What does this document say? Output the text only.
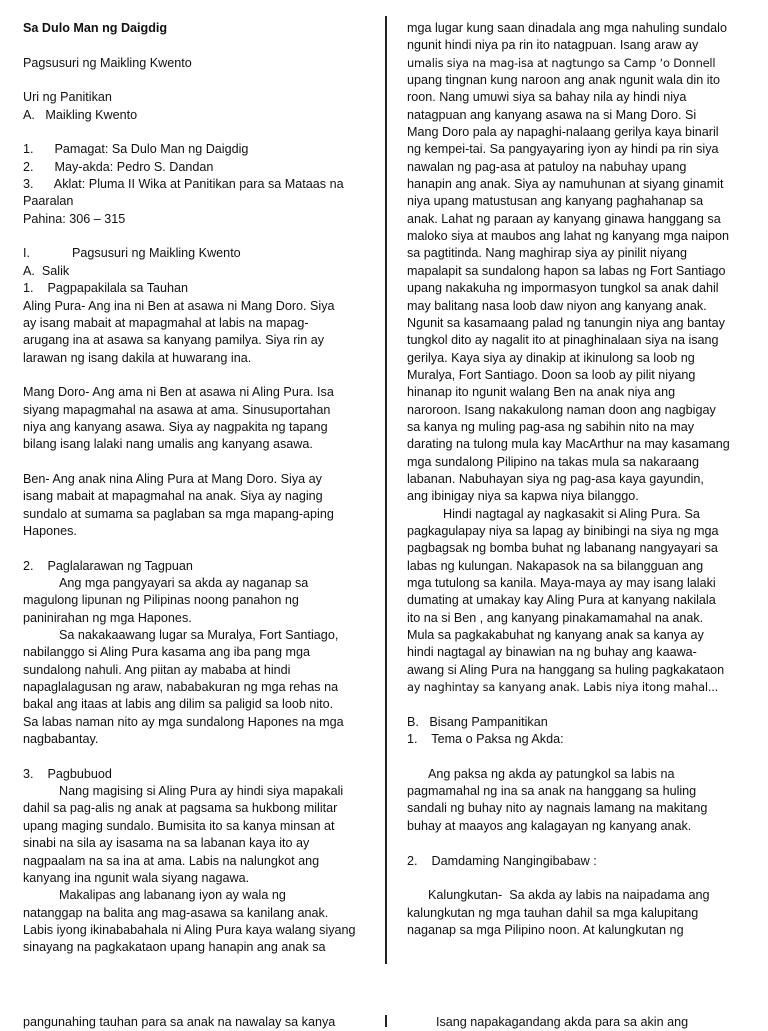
Sa Dulo Man ng Daigdig

Pagsusuri ng Maikling Kwento

Uri ng Panitikan

A.   Maikling Kwento

1.      Pamagat: Sa Dulo Man ng Daigdig

2.      May-akda: Pedro S. Dandan

3.      Aklat: Pluma II Wika at Panitikan para sa Mataas na

Paaralan

Pahina: 306 – 315

I.            Pagsusuri ng Maikling Kwento

A.  Salik

1.    Pagpapakilala sa Tauhan

Aling Pura- Ang ina ni Ben at asawa ni Mang Doro. Siya

ay isang mabait at mapagmahal at labis na mapag-

arugang ina at asawa sa kanyang pamilya. Siya rin ay

larawan ng isang dakila at huwarang ina.

Mang Doro- Ang ama ni Ben at asawa ni Aling Pura. Isa

siyang mapagmahal na asawa at ama. Sinusuportahan

niya ang kanyang asawa. Siya ay nagpakita ng tapang

bilang isang lalaki nang umalis ang kanyang asawa.

Ben- Ang anak nina Aling Pura at Mang Doro. Siya ay

isang mabait at mapagmahal na anak. Siya ay naging

sundalo at sumama sa paglaban sa mga mapang-aping

Hapones.

2.    Paglalarawan ng Tagpuan

Ang mga pangyayari sa akda ay naganap sa

magulong lipunan ng Pilipinas noong panahon ng

paninirahan ng mga Hapones.

Sa nakakaawang lugar sa Muralya, Fort Santiago,

nabilanggo si Aling Pura kasama ang iba pang mga

sundalong nahuli. Ang piitan ay mababa at hindi

napaglalagusan ng araw, nababakuran ng mga rehas na

bakal ang itaas at labis ang dilim sa paligid sa loob nito.

Sa labas naman nito ay mga sundalong Hapones na mga

nagbabantay.

3.    Pagbubuod

Nang magising si Aling Pura ay hindi siya mapakali

dahil sa pag-alis ng anak at pagsama sa hukbong militar

upang maging sundalo. Bumisita ito sa kanya minsan at

sinabi na sila ay isasama na sa labanan kaya ito ay

nagpaalam na sa ina at ama. Labis na nalungkot ang

kanyang ina ngunit wala siyang nagawa.

Makalipas ang labanang iyon ay wala ng

natanggap na balita ang mag-asawa sa kanilang anak.

Labis iyong ikinababahala ni Aling Pura kaya walang siyang

sinayang na pagkakataon upang hanapin ang anak sa

mga lugar kung saan dinadala ang mga nahuling sundalo

ngunit hindi niya pa rin ito natagpuan. Isang araw ay

umalis siya na mag-isa at nagtungo sa Camp ‘o Donnell

upang tingnan kung naroon ang anak ngunit wala din ito

roon. Nang umuwi siya sa bahay nila ay hindi niya

natagpuan ang kanyang asawa na si Mang Doro. Si

Mang Doro pala ay napaghi-nalaang gerilya kaya binaril

ng kempei-tai. Sa pangyayaring iyon ay hindi pa rin siya

nawalan ng pag-asa at patuloy na nabuhay upang

hanapin ang anak. Siya ay namuhunan at siyang ginamit

niya upang matustusan ang kanyang paghahanap sa

anak. Lahat ng paraan ay kanyang ginawa hanggang sa

maloko siya at maubos ang lahat ng kanyang mga naipon

sa pagtitinda. Nang maghirap siya ay pinilit niyang

mapalapit sa sundalong hapon sa labas ng Fort Santiago

upang nakakuha ng impormasyon tungkol sa anak dahil

may balitang nasa loob daw niyon ang kanyang anak.

Ngunit sa kasamaang palad ng tanungin niya ang bantay

tungkol dito ay nagalit ito at pinaghinalaan siya na isang

gerilya. Kaya siya ay dinakip at ikinulong sa loob ng

Muralya, Fort Santiago. Doon sa loob ay pilit niyang

hinanap ito ngunit walang Ben na anak niya ang

naroroon. Isang nakakulong naman doon ang nagbigay

sa kanya ng muling pag-asa ng sabihin nito na may

darating na tulong mula kay MacArthur na may kasamang

mga sundalong Pilipino na takas mula sa nakaraang

labanan. Nabuhayan siya ng pag-asa kaya gayundin,

ang ibinigay niya sa kapwa niya bilanggo.

Hindi nagtagal ay nagkasakit si Aling Pura. Sa

pagkagulapay niya sa lapag ay binibingi na siya ng mga

pagbagsak ng bomba buhat ng labanang nangyayari sa

labas ng kulungan. Nakapasok na sa bilangguan ang

mga tutulong sa kanila. Maya-maya ay may isang lalaki

dumating at umakay kay Aling Pura at kanyang nakilala

ito na si Ben , ang kanyang pinakamamahal na anak.

Mula sa pagkakabuhat ng kanyang anak sa kanya ay

hindi nagtagal ay binawian na ng buhay ang kaawa-

awang si Aling Pura na hanggang sa huling pagkakataon

ay naghintay sa kanyang anak. Labis niya itong mahal...

B.   Bisang Pampanitikan

1.    Tema o Paksa ng Akda:

Ang paksa ng akda ay patungkol sa labis na

pagmamahal ng ina sa anak na hanggang sa huling

sandali ng buhay nito ay nagnais lamang na makitang

buhay at maayos ang kalagayan ng kanyang anak.

2.    Damdaming Nangingibabaw :

Kalungkutan-  Sa akda ay labis na naipadama ang

kalungkutan ng mga tauhan dahil sa mga kalupitang

naganap sa mga Pilipino noon. At kalungkutan ng

pangunahing tauhan para sa anak na nawalay sa kanya	Isang napakagandang akda para sa akin ang
